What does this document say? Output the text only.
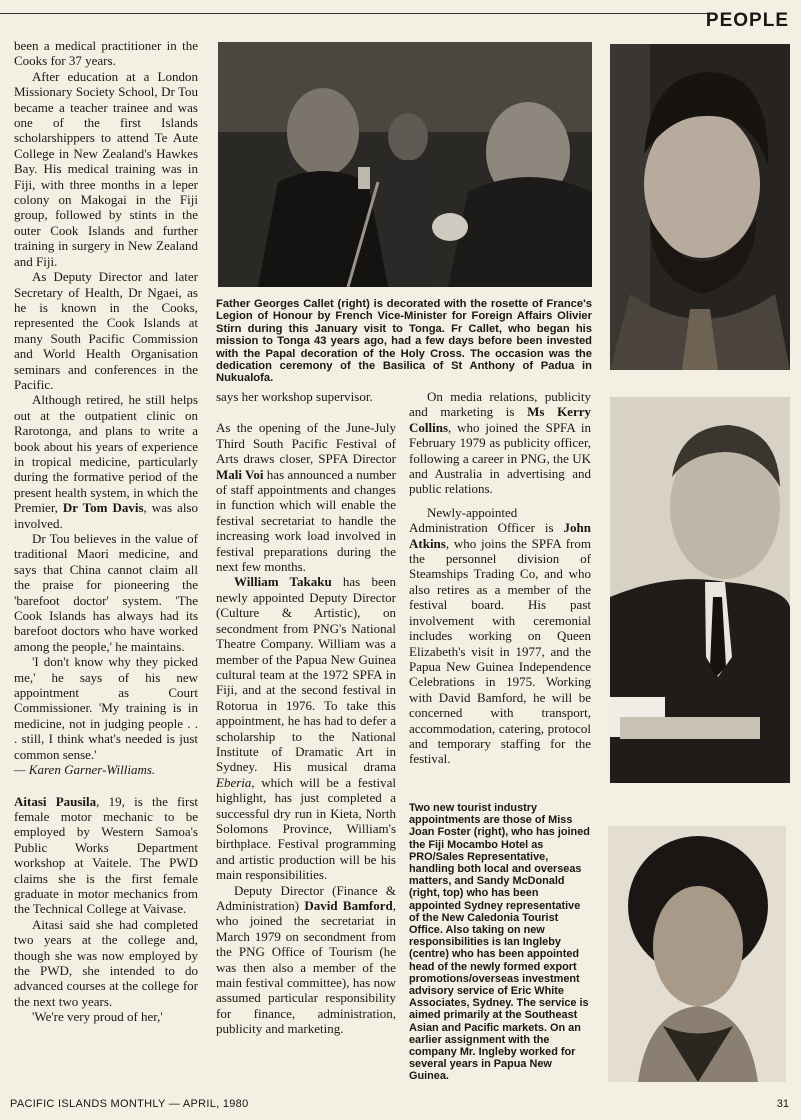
PEOPLE

been a medical practitioner in the Cooks for 37 years.

After education at a London Missionary Society School, Dr Tou became a teacher trainee and was one of the first Islands scholarshippers to attend Te Aute College in New Zealand's Hawkes Bay. His medical training was in Fiji, with three months in a leper colony on Makogai in the Fiji group, followed by stints in the outer Cook Islands and further training in surgery in New Zealand and Fiji.

As Deputy Director and later Secretary of Health, Dr Ngaei, as he is known in the Cooks, represented the Cook Islands at many South Pacific Commission and World Health Organisation seminars and conferences in the Pacific.

Although retired, he still helps out at the outpatient clinic on Rarotonga, and plans to write a book about his years of experience in tropical medicine, particularly during the formative period of the present health system, in which the Premier, Dr Tom Davis, was also involved.

Dr Tou believes in the value of traditional Maori medicine, and says that China cannot claim all the praise for pioneering the 'barefoot doctor' system. 'The Cook Islands has always had its barefoot doctors who have worked among the people,' he maintains.

'I don't know why they picked me,' he says of his new appointment as Court Commissioner. 'My training is in medicine, not in judging people . . . still, I think what's needed is just common sense.'

— Karen Garner-Williams.

Aitasi Pausila, 19, is the first female motor mechanic to be employed by Western Samoa's Public Works Department workshop at Vaitele. The PWD claims she is the first female graduate in motor mechanics from the Technical College at Vaivase.

Aitasi said she had completed two years at the college and, though she was now employed by the PWD, she intended to do advanced courses at the college for the next two years.

'We're very proud of her,'

Father Georges Callet (right) is decorated with the rosette of France's Legion of Honour by French Vice-Minister for Foreign Affairs Olivier Stirn during this January visit to Tonga. Fr Callet, who began his mission to Tonga 43 years ago, had a few days before been invested with the Papal decoration of the Holy Cross. The occasion was the dedication ceremony of the Basilica of St Anthony of Padua in Nukualofa.

says her workshop supervisor.

As the opening of the June-July Third South Pacific Festival of Arts draws closer, SPFA Director Mali Voi has announced a number of staff appointments and changes in function which will enable the festival secretariat to handle the increasing work load involved in festival preparations during the next few months.

William Takaku has been newly appointed Deputy Director (Culture & Artistic), on secondment from PNG's National Theatre Company. William was a member of the Papua New Guinea cultural team at the 1972 SPFA in Fiji, and at the second festival in Rotorua in 1976. To take this appointment, he has had to defer a scholarship to the National Institute of Dramatic Art in Sydney. His musical drama Eberia, which will be a festival highlight, has just completed a successful dry run in Kieta, North Solomons Province, William's birthplace. Festival programming and artistic production will be his main responsibilities.

Deputy Director (Finance & Administration) David Bamford, who joined the secretariat in March 1979 on secondment from the PNG Office of Tourism (he was then also a member of the main festival committee), has now assumed particular responsibility for finance, administration, publicity and marketing.

On media relations, publicity and marketing is Ms Kerry Collins, who joined the SPFA in February 1979 as publicity officer, following a career in PNG, the UK and Australia in advertising and public relations.

Newly-appointed Administration Officer is John Atkins, who joins the SPFA from the personnel division of Steamships Trading Co, and who also retires as a member of the festival board. His past involvement with ceremonial includes working on Queen Elizabeth's visit in 1977, and the Papua New Guinea Independence Celebrations in 1975. Working with David Bamford, he will be concerned with transport, accommodation, catering, protocol and temporary staffing for the festival.

Two new tourist industry appointments are those of Miss Joan Foster (right), who has joined the Fiji Mocambo Hotel as PRO/Sales Representative, handling both local and overseas matters, and Sandy McDonald (right, top) who has been appointed Sydney representative of the New Caledonia Tourist Office. Also taking on new responsibilities is Ian Ingleby (centre) who has been appointed head of the newly formed export promotions/overseas investment advisory service of Eric White Associates, Sydney. The service is aimed primarily at the Southeast Asian and Pacific markets. On an earlier assignment with the company Mr. Ingleby worked for several years in Papua New Guinea.
PACIFIC ISLANDS MONTHLY — APRIL, 1980	31
